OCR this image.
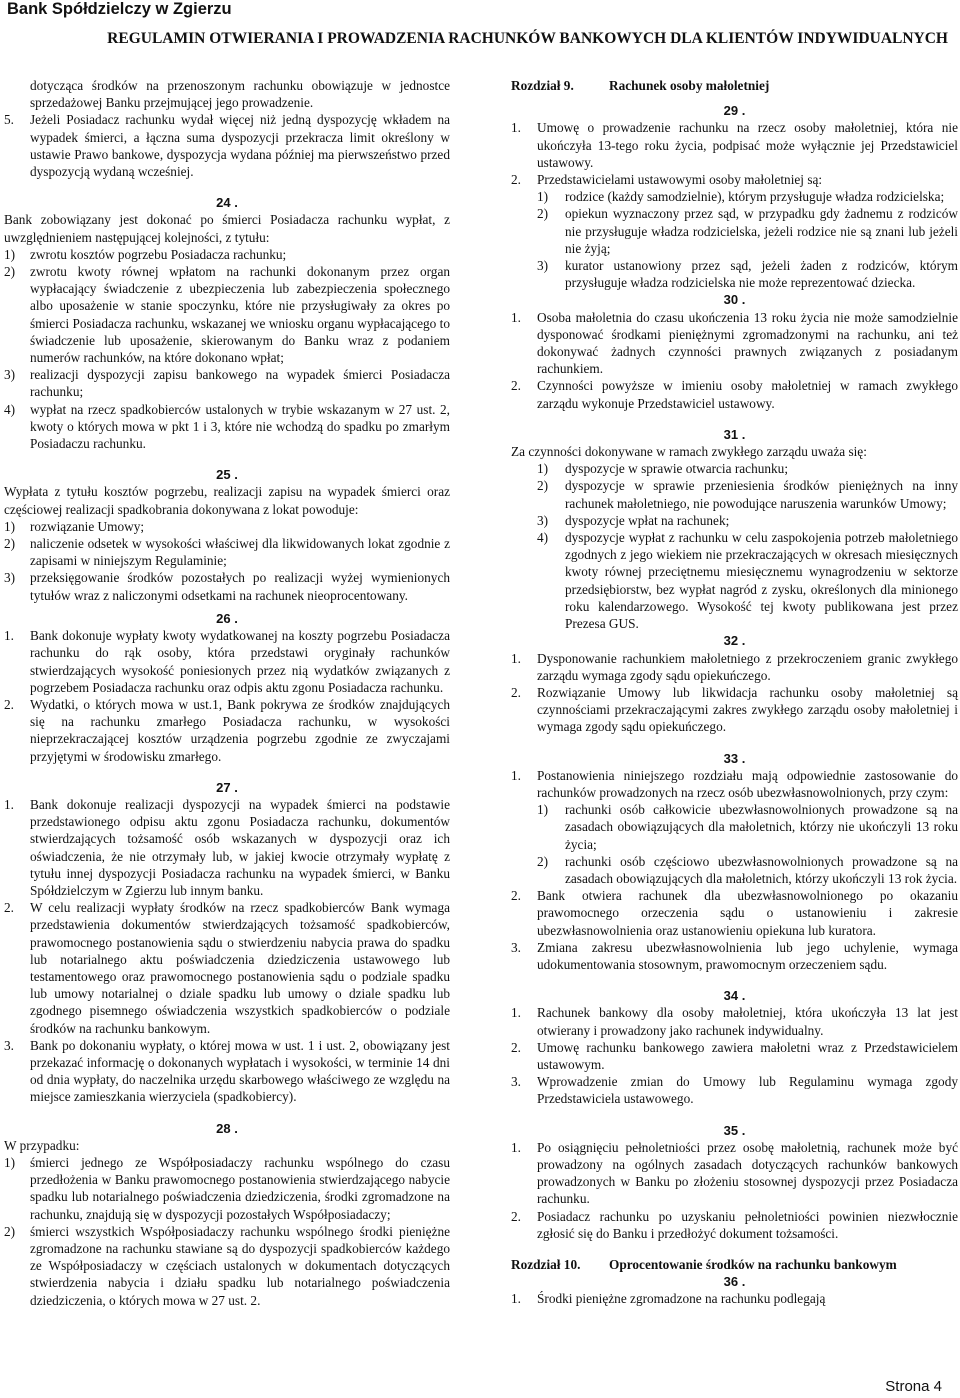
Bank Spółdzielczy w Zgierzu
REGULAMIN OTWIERANIA I PROWADZENIA RACHUNKÓW BANKOWYCH DLA KLIENTÓW INDYWIDUALNYCH
dotycząca środków na przenoszonym rachunku obowiązuje w jednostce sprzedażowej Banku przejmującej jego prowadzenie.
5.	Jeżeli Posiadacz rachunku wydał więcej niż jedną dyspozycję wkładem na wypadek śmierci, a łączna suma dyspozycji przekracza limit określony w ustawie Prawo bankowe, dyspozycja wydana później ma pierwszeństwo przed dyspozycją wydaną wcześniej.
24 .

Bank zobowiązany jest dokonać po śmierci Posiadacza rachunku wypłat, z uwzględnieniem następującej kolejności, z tytułu:

1)	zwrotu kosztów pogrzebu Posiadacza rachunku;
2)	zwrotu kwoty równej wpłatom na rachunki dokonanym przez organ wypłacający świadczenie z ubezpieczenia lub zabezpieczenia społecznego albo uposażenie w stanie spoczynku, które nie przysługiwały za okres po śmierci Posiadacza rachunku, wskazanej we wniosku organu wypłacającego to świadczenie lub uposażenie, skierowanym do Banku wraz z podaniem numerów rachunków, na które dokonano wpłat;
3)	realizacji dyspozycji zapisu bankowego na wypadek śmierci Posiadacza rachunku;
4)	wypłat na rzecz spadkobierców ustalonych w trybie wskazanym w 27 ust. 2, kwoty o których mowa w pkt 1 i 3, które nie wchodzą do spadku po zmarłym Posiadaczu rachunku.
25 .

Wypłata z tytułu kosztów pogrzebu, realizacji zapisu na wypadek śmierci oraz częściowej realizacji spadkobrania dokonywana z lokat powoduje:

1)	rozwiązanie Umowy;
2)	naliczenie odsetek w wysokości właściwej dla likwidowanych lokat zgodnie z zapisami w niniejszym Regulaminie;
3)	przeksięgowanie środków pozostałych po realizacji wyżej wymienionych tytułów wraz z naliczonymi odsetkami na rachunek nieoprocentowany.
26 .
1.	Bank dokonuje wypłaty kwoty wydatkowanej na koszty pogrzebu Posiadacza rachunku do rąk osoby, która przedstawi oryginały rachunków stwierdzających wysokość poniesionych przez nią wydatków związanych z pogrzebem Posiadacza rachunku oraz odpis aktu zgonu Posiadacza rachunku.
2.	Wydatki, o których mowa w ust.1, Bank pokrywa ze środków znajdujących się na rachunku zmarłego Posiadacza rachunku, w wysokości nieprzekraczającej kosztów urządzenia pogrzebu zgodnie ze zwyczajami przyjętymi w środowisku zmarłego.
27 .
1.	Bank dokonuje realizacji dyspozycji na wypadek śmierci na podstawie przedstawionego odpisu aktu zgonu Posiadacza rachunku, dokumentów stwierdzających tożsamość osób wskazanych w dyspozycji oraz ich oświadczenia, że nie otrzymały lub, w jakiej kwocie otrzymały wypłatę z tytułu innej dyspozycji Posiadacza rachunku na wypadek śmierci, w Banku Spółdzielczym w Zgierzu lub innym banku.
2.	W celu realizacji wypłaty środków na rzecz spadkobierców Bank wymaga przedstawienia dokumentów stwierdzających tożsamość spadkobierców, prawomocnego postanowienia sądu o stwierdzeniu nabycia prawa do spadku lub notarialnego aktu poświadczenia dziedziczenia ustawowego lub testamentowego oraz prawomocnego postanowienia sądu o podziale spadku lub umowy notarialnej o dziale spadku lub umowy o dziale spadku lub zgodnego pisemnego oświadczenia wszystkich spadkobierców o podziale środków na rachunku bankowym.
3.	Bank po dokonaniu wypłaty, o której mowa w ust. 1 i ust. 2, obowiązany jest przekazać informację o dokonanych wypłatach i wysokości, w terminie 14 dni od dnia wypłaty, do naczelnika urzędu skarbowego właściwego ze względu na miejsce zamieszkania wierzyciela (spadkobiercy).
28 .

W przypadku:

1)	śmierci jednego ze Współposiadaczy rachunku wspólnego do czasu przedłożenia w Banku prawomocnego postanowienia stwierdzającego nabycie spadku lub notarialnego poświadczenia dziedziczenia, środki zgromadzone na rachunku, znajdują się w dyspozycji pozostałych Współposiadaczy;
2)	śmierci wszystkich Współposiadaczy rachunku wspólnego środki pieniężne zgromadzone na rachunku stawiane są do dyspozycji spadkobierców każdego ze Współposiadaczy w częściach ustalonych w dokumentach dotyczących stwierdzenia nabycia i działu spadku lub notarialnego poświadczenia dziedziczenia, o których mowa w 27 ust. 2.
Rozdział 9.	Rachunek osoby małoletniej
29 .
1.	Umowę o prowadzenie rachunku na rzecz osoby małoletniej, która nie ukończyła 13-tego roku życia, podpisać może wyłącznie jej Przedstawiciel ustawowy.
2.	Przedstawicielami ustawowymi osoby małoletniej są:
1)	rodzice (każdy samodzielnie), którym przysługuje władza rodzicielska;
2)	opiekun wyznaczony przez sąd, w przypadku gdy żadnemu z rodziców nie przysługuje władza rodzicielska, jeżeli rodzice nie są znani lub jeżeli nie żyją;
3)	kurator ustanowiony przez sąd, jeżeli żaden z rodziców, którym przysługuje władza rodzicielska nie może reprezentować dziecka.
30 .
1.	Osoba małoletnia do czasu ukończenia 13 roku życia nie może samodzielnie dysponować środkami pieniężnymi zgromadzonymi na rachunku, ani też dokonywać żadnych czynności prawnych związanych z posiadanym rachunkiem.
2.	Czynności powyższe w imieniu osoby małoletniej w ramach zwykłego zarządu wykonuje Przedstawiciel ustawowy.
31 .

Za czynności dokonywane w ramach zwykłego zarządu uważa się:

1)	dyspozycje w sprawie otwarcia rachunku;
2)	dyspozycje w sprawie przeniesienia środków pieniężnych na inny rachunek małoletniego, nie powodujące naruszenia warunków Umowy;
3)	dyspozycje wpłat na rachunek;
4)	dyspozycje wypłat z rachunku w celu zaspokojenia potrzeb małoletniego zgodnych z jego wiekiem nie przekraczających w okresach miesięcznych kwoty równej przeciętnemu miesięcznemu wynagrodzeniu w sektorze przedsiębiorstw, bez wypłat nagród z zysku, określonych dla minionego roku kalendarzowego. Wysokość tej kwoty publikowana jest przez Prezesa GUS.
32 .
1.	Dysponowanie rachunkiem małoletniego z przekroczeniem granic zwykłego zarządu wymaga zgody sądu opiekuńczego.
2.	Rozwiązanie Umowy lub likwidacja rachunku osoby małoletniej są czynnościami przekraczającymi zakres zwykłego zarządu osoby małoletniej i wymaga zgody sądu opiekuńczego.
33 .
1.	Postanowienia niniejszego rozdziału mają odpowiednie zastosowanie do rachunków prowadzonych na rzecz osób ubezwłasnowolnionych, przy czym:
1)	rachunki osób całkowicie ubezwłasnowolnionych prowadzone są na zasadach obowiązujących dla małoletnich, którzy nie ukończyli 13 roku życia;
2)	rachunki osób częściowo ubezwłasnowolnionych prowadzone są na zasadach obowiązujących dla małoletnich, którzy ukończyli 13 rok życia.
2.	Bank otwiera rachunek dla ubezwłasnowolnionego po okazaniu prawomocnego orzeczenia sądu o ustanowieniu i zakresie ubezwłasnowolnienia oraz ustanowieniu opiekuna lub kuratora.
3.	Zmiana zakresu ubezwłasnowolnienia lub jego uchylenie, wymaga udokumentowania stosownym, prawomocnym orzeczeniem sądu.
34 .
1.	Rachunek bankowy dla osoby małoletniej, która ukończyła 13 lat jest otwierany i prowadzony jako rachunek indywidualny.
2.	Umowę rachunku bankowego zawiera małoletni wraz z Przedstawicielem ustawowym.
3.	Wprowadzenie zmian do Umowy lub Regulaminu wymaga zgody Przedstawiciela ustawowego.
35 .
1.	Po osiągnięciu pełnoletniości przez osobę małoletnią, rachunek może być prowadzony na ogólnych zasadach dotyczących rachunków bankowych prowadzonych w Banku po złożeniu stosownej dyspozycji przez Posiadacza rachunku.
2.	Posiadacz rachunku po uzyskaniu pełnoletniości powinien niezwłocznie zgłosić się do Banku i przedłożyć dokument tożsamości.
Rozdział 10.	Oprocentowanie środków na rachunku bankowym
36 .
1.	Środki pieniężne zgromadzone na rachunku podlegają
Strona 4
